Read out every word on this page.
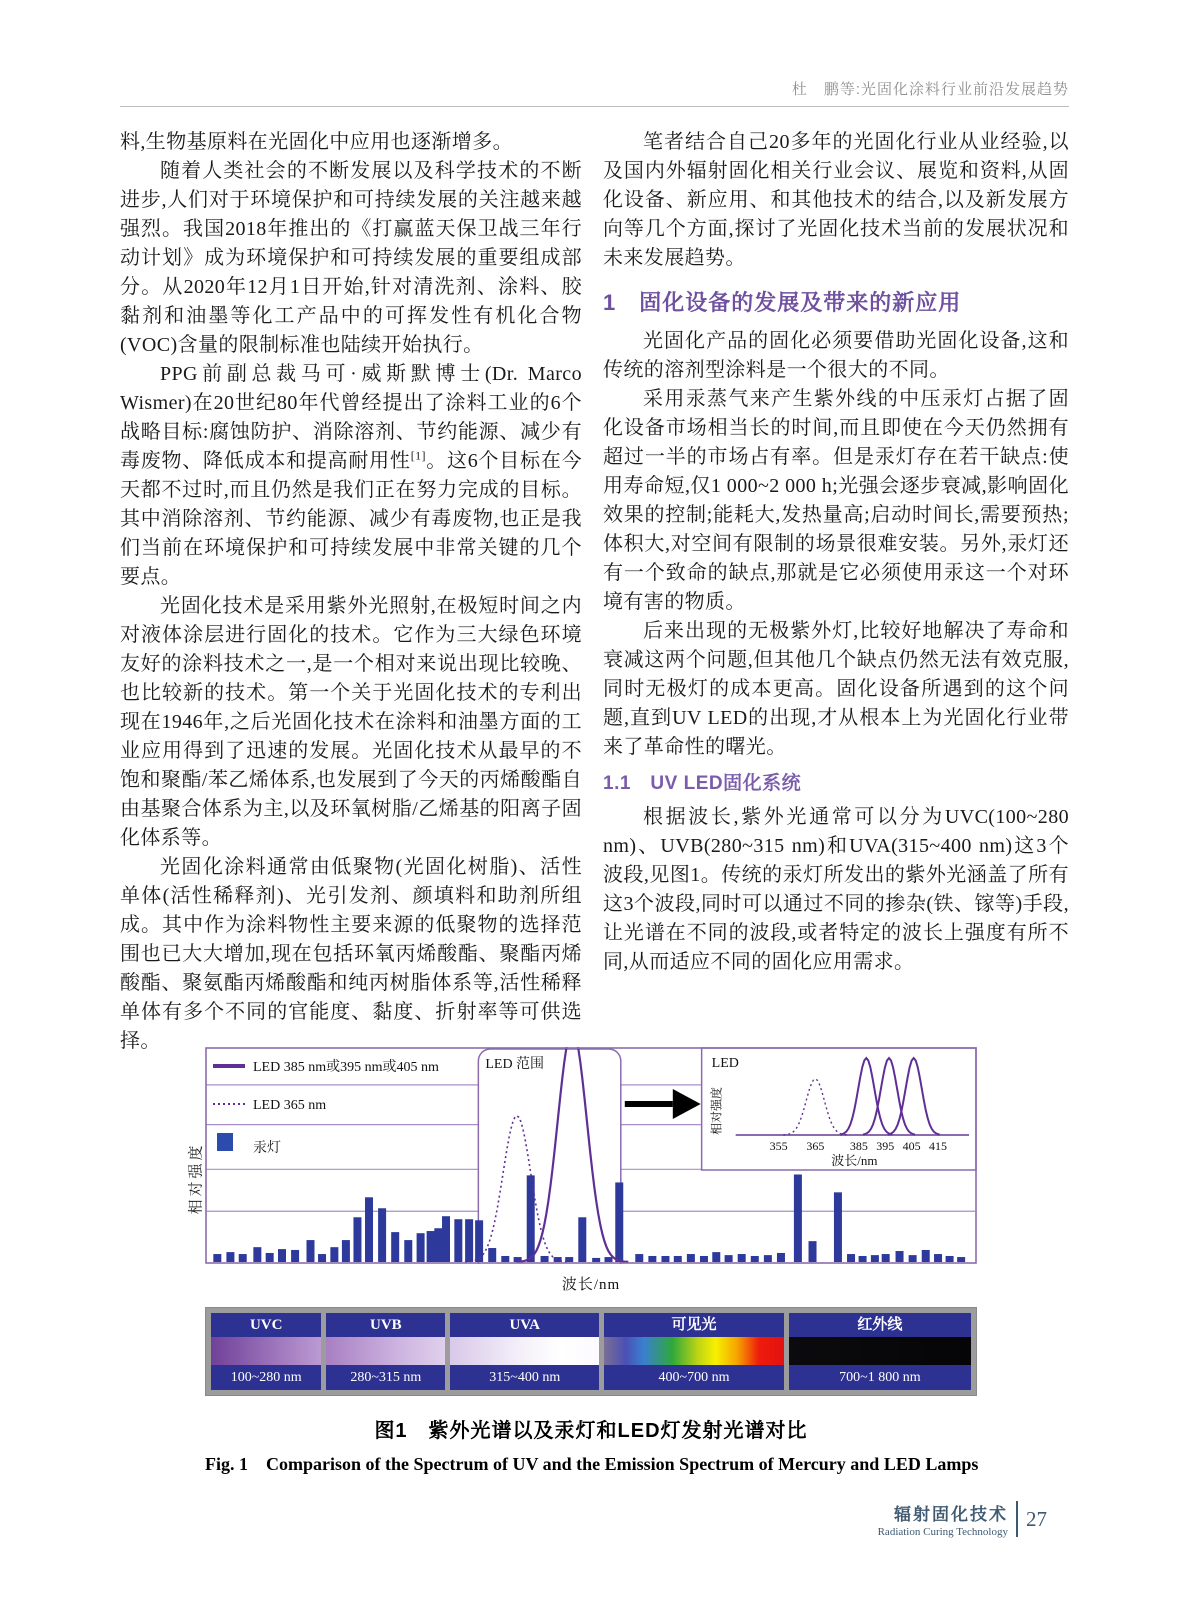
杜　鹏等:光固化涂料行业前沿发展趋势

料,生物基原料在光固化中应用也逐渐增多。

随着人类社会的不断发展以及科学技术的不断进步,人们对于环境保护和可持续发展的关注越来越强烈。我国2018年推出的《打赢蓝天保卫战三年行动计划》成为环境保护和可持续发展的重要组成部分。从2020年12月1日开始,针对清洗剂、涂料、胶黏剂和油墨等化工产品中的可挥发性有机化合物(VOC)含量的限制标准也陆续开始执行。

PPG前副总裁马可·威斯默博士(Dr. Marco Wismer)在20世纪80年代曾经提出了涂料工业的6个战略目标:腐蚀防护、消除溶剂、节约能源、减少有毒废物、降低成本和提高耐用性[1]。这6个目标在今天都不过时,而且仍然是我们正在努力完成的目标。其中消除溶剂、节约能源、减少有毒废物,也正是我们当前在环境保护和可持续发展中非常关键的几个要点。

光固化技术是采用紫外光照射,在极短时间之内对液体涂层进行固化的技术。它作为三大绿色环境友好的涂料技术之一,是一个相对来说出现比较晚、也比较新的技术。第一个关于光固化技术的专利出现在1946年,之后光固化技术在涂料和油墨方面的工业应用得到了迅速的发展。光固化技术从最早的不饱和聚酯/苯乙烯体系,也发展到了今天的丙烯酸酯自由基聚合体系为主,以及环氧树脂/乙烯基的阳离子固化体系等。

光固化涂料通常由低聚物(光固化树脂)、活性单体(活性稀释剂)、光引发剂、颜填料和助剂所组成。其中作为涂料物性主要来源的低聚物的选择范围也已大大增加,现在包括环氧丙烯酸酯、聚酯丙烯酸酯、聚氨酯丙烯酸酯和纯丙树脂体系等,活性稀释单体有多个不同的官能度、黏度、折射率等可供选择。

笔者结合自己20多年的光固化行业从业经验,以及国内外辐射固化相关行业会议、展览和资料,从固化设备、新应用、和其他技术的结合,以及新发展方向等几个方面,探讨了光固化技术当前的发展状况和未来发展趋势。

1　固化设备的发展及带来的新应用

光固化产品的固化必须要借助光固化设备,这和传统的溶剂型涂料是一个很大的不同。

采用汞蒸气来产生紫外线的中压汞灯占据了固化设备市场相当长的时间,而且即使在今天仍然拥有超过一半的市场占有率。但是汞灯存在若干缺点:使用寿命短,仅1 000~2 000 h;光强会逐步衰减,影响固化效果的控制;能耗大,发热量高;启动时间长,需要预热;体积大,对空间有限制的场景很难安装。另外,汞灯还有一个致命的缺点,那就是它必须使用汞这一个对环境有害的物质。

后来出现的无极紫外灯,比较好地解决了寿命和衰减这两个问题,但其他几个缺点仍然无法有效克服,同时无极灯的成本更高。固化设备所遇到的这个问题,直到UV LED的出现,才从根本上为光固化行业带来了革命性的曙光。

1.1　UV LED固化系统

根据波长,紫外光通常可以分为UVC(100~280 nm)、UVB(280~315 nm)和UVA(315~400 nm)这3个波段,见图1。传统的汞灯所发出的紫外光涵盖了所有这3个波段,同时可以通过不同的掺杂(铁、镓等)手段,让光谱在不同的波段,或者特定的波长上强度有所不同,从而适应不同的固化应用需求。

相对强度
LED 385 nm或395 nm或405 nm
LED 365 nm
汞灯
LED 范围	LED
相对强度
355 365 385 395 405 415
波长/nm
波长/nm
UVC
100~280 nm
UVB
280~315 nm
UVA
315~400 nm
可见光
400~700 nm
红外线
700~1 800 nm
图1　紫外光谱以及汞灯和LED灯发射光谱对比
Fig. 1　Comparison of the Spectrum of UV and the Emission Spectrum of Mercury and LED Lamps
辐射固化技术
Radiation Curing Technology
27
